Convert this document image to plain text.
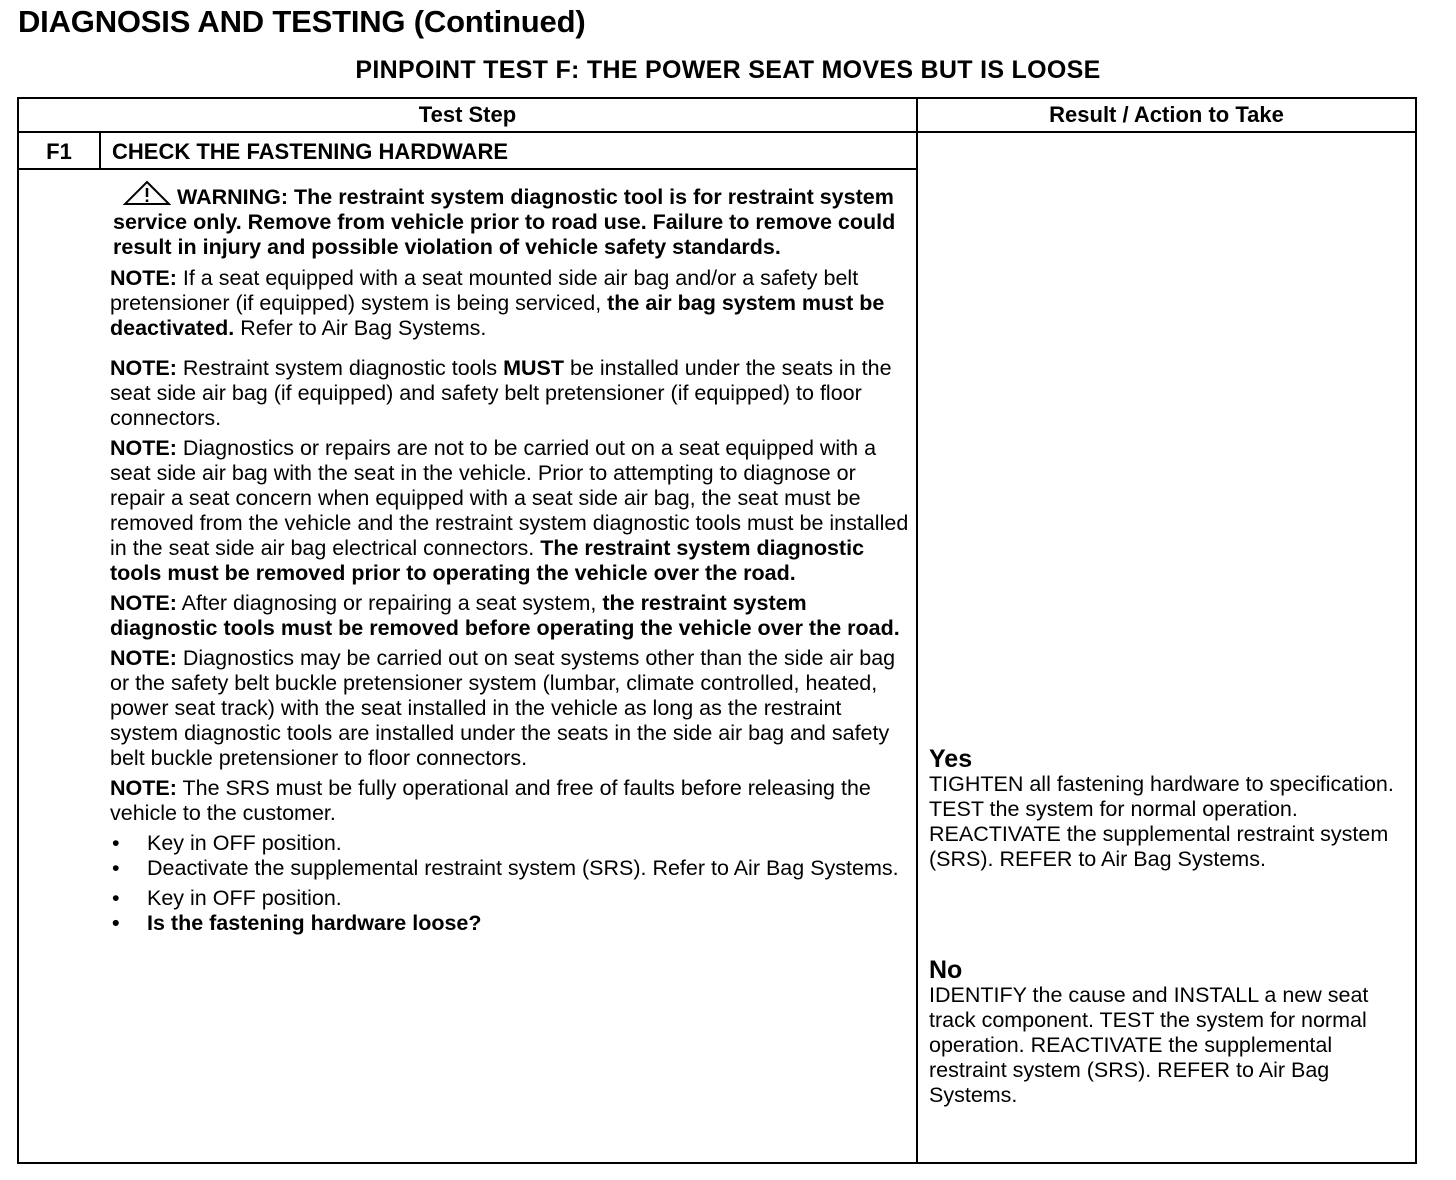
DIAGNOSIS AND TESTING (Continued)
PINPOINT TEST F: THE POWER SEAT MOVES BUT IS LOOSE
Test Step	Result / Action to Take
F1	CHECK THE FASTENING HARDWARE

WARNING: The restraint system diagnostic tool is for restraint system service only. Remove from vehicle prior to road use. Failure to remove could result in injury and possible violation of vehicle safety standards.

NOTE: If a seat equipped with a seat mounted side air bag and/or a safety belt pretensioner (if equipped) system is being serviced, the air bag system must be deactivated. Refer to Air Bag Systems.

NOTE: Restraint system diagnostic tools MUST be installed under the seats in the seat side air bag (if equipped) and safety belt pretensioner (if equipped) to floor connectors.

NOTE: Diagnostics or repairs are not to be carried out on a seat equipped with a seat side air bag with the seat in the vehicle. Prior to attempting to diagnose or repair a seat concern when equipped with a seat side air bag, the seat must be removed from the vehicle and the restraint system diagnostic tools must be installed in the seat side air bag electrical connectors. The restraint system diagnostic tools must be removed prior to operating the vehicle over the road.

NOTE: After diagnosing or repairing a seat system, the restraint system diagnostic tools must be removed before operating the vehicle over the road.

NOTE: Diagnostics may be carried out on seat systems other than the side air bag or the safety belt buckle pretensioner system (lumbar, climate controlled, heated, power seat track) with the seat installed in the vehicle as long as the restraint system diagnostic tools are installed under the seats in the side air bag and safety belt buckle pretensioner to floor connectors.

NOTE: The SRS must be fully operational and free of faults before releasing the vehicle to the customer.

• Key in OFF position.

• Deactivate the supplemental restraint system (SRS). Refer to Air Bag Systems.

• Key in OFF position.

• Is the fastening hardware loose?

Yes

TIGHTEN all fastening hardware to specification. TEST the system for normal operation. REACTIVATE the supplemental restraint system (SRS). REFER to Air Bag Systems.

No

IDENTIFY the cause and INSTALL a new seat track component. TEST the system for normal operation. REACTIVATE the supplemental restraint system (SRS). REFER to Air Bag Systems.
